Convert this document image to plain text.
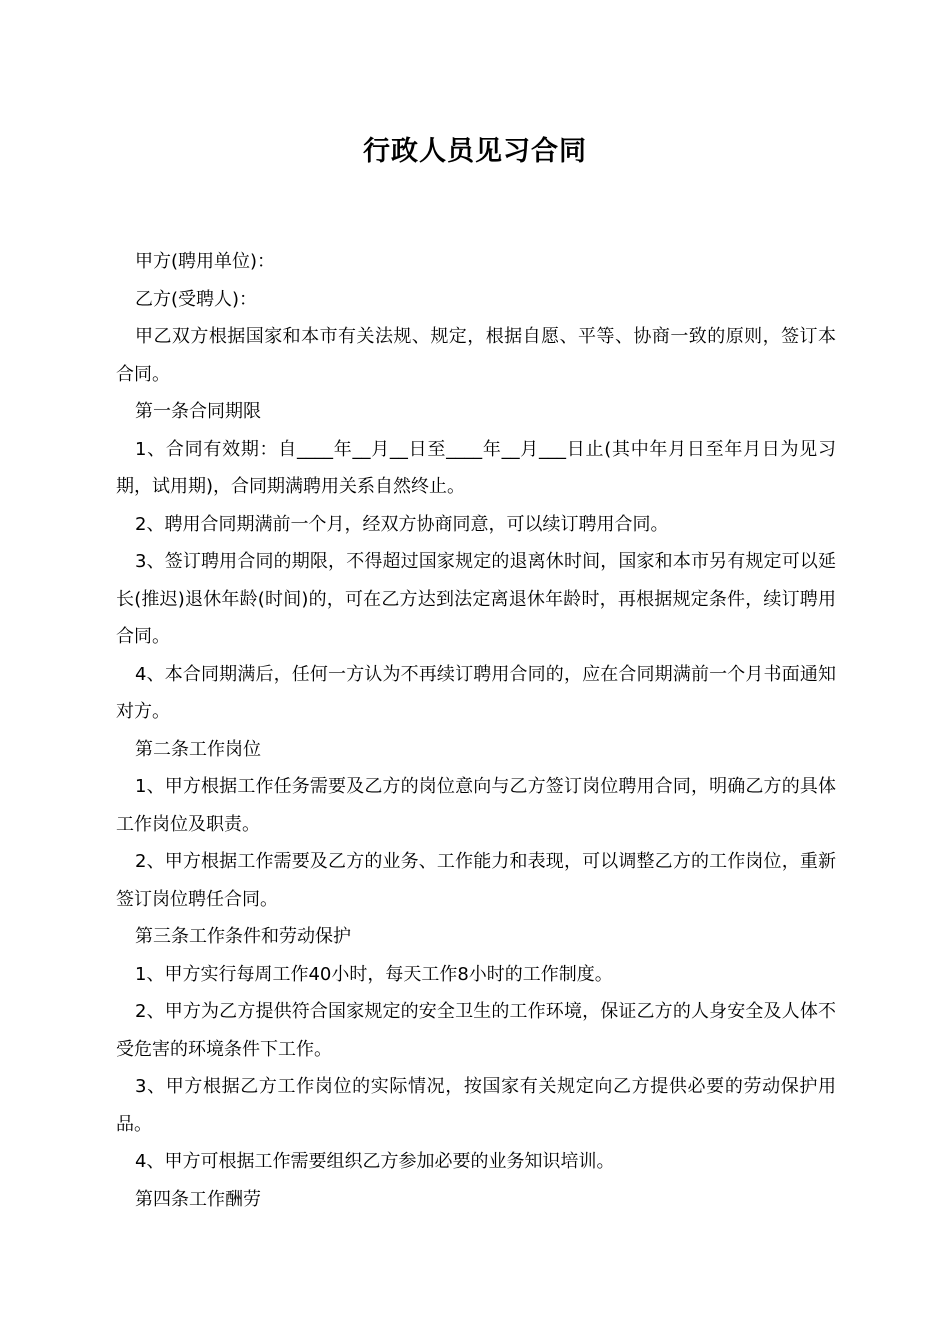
行政人员见习合同

甲方(聘用单位)：

乙方(受聘人)：

甲乙双方根据国家和本市有关法规、规定，根据自愿、平等、协商一致的原则，签订本合同。

第一条合同期限

1、合同有效期：自____年__月__日至____年__月___日止(其中年月日至年月日为见习期，试用期)，合同期满聘用关系自然终止。

2、聘用合同期满前一个月，经双方协商同意，可以续订聘用合同。

3、签订聘用合同的期限，不得超过国家规定的退离休时间，国家和本市另有规定可以延长(推迟)退休年龄(时间)的，可在乙方达到法定离退休年龄时，再根据规定条件，续订聘用合同。

4、本合同期满后，任何一方认为不再续订聘用合同的，应在合同期满前一个月书面通知对方。

第二条工作岗位

1、甲方根据工作任务需要及乙方的岗位意向与乙方签订岗位聘用合同，明确乙方的具体工作岗位及职责。

2、甲方根据工作需要及乙方的业务、工作能力和表现，可以调整乙方的工作岗位，重新签订岗位聘任合同。

第三条工作条件和劳动保护

1、甲方实行每周工作40小时，每天工作8小时的工作制度。

2、甲方为乙方提供符合国家规定的安全卫生的工作环境，保证乙方的人身安全及人体不受危害的环境条件下工作。

3、甲方根据乙方工作岗位的实际情况，按国家有关规定向乙方提供必要的劳动保护用品。

4、甲方可根据工作需要组织乙方参加必要的业务知识培训。

第四条工作酬劳
